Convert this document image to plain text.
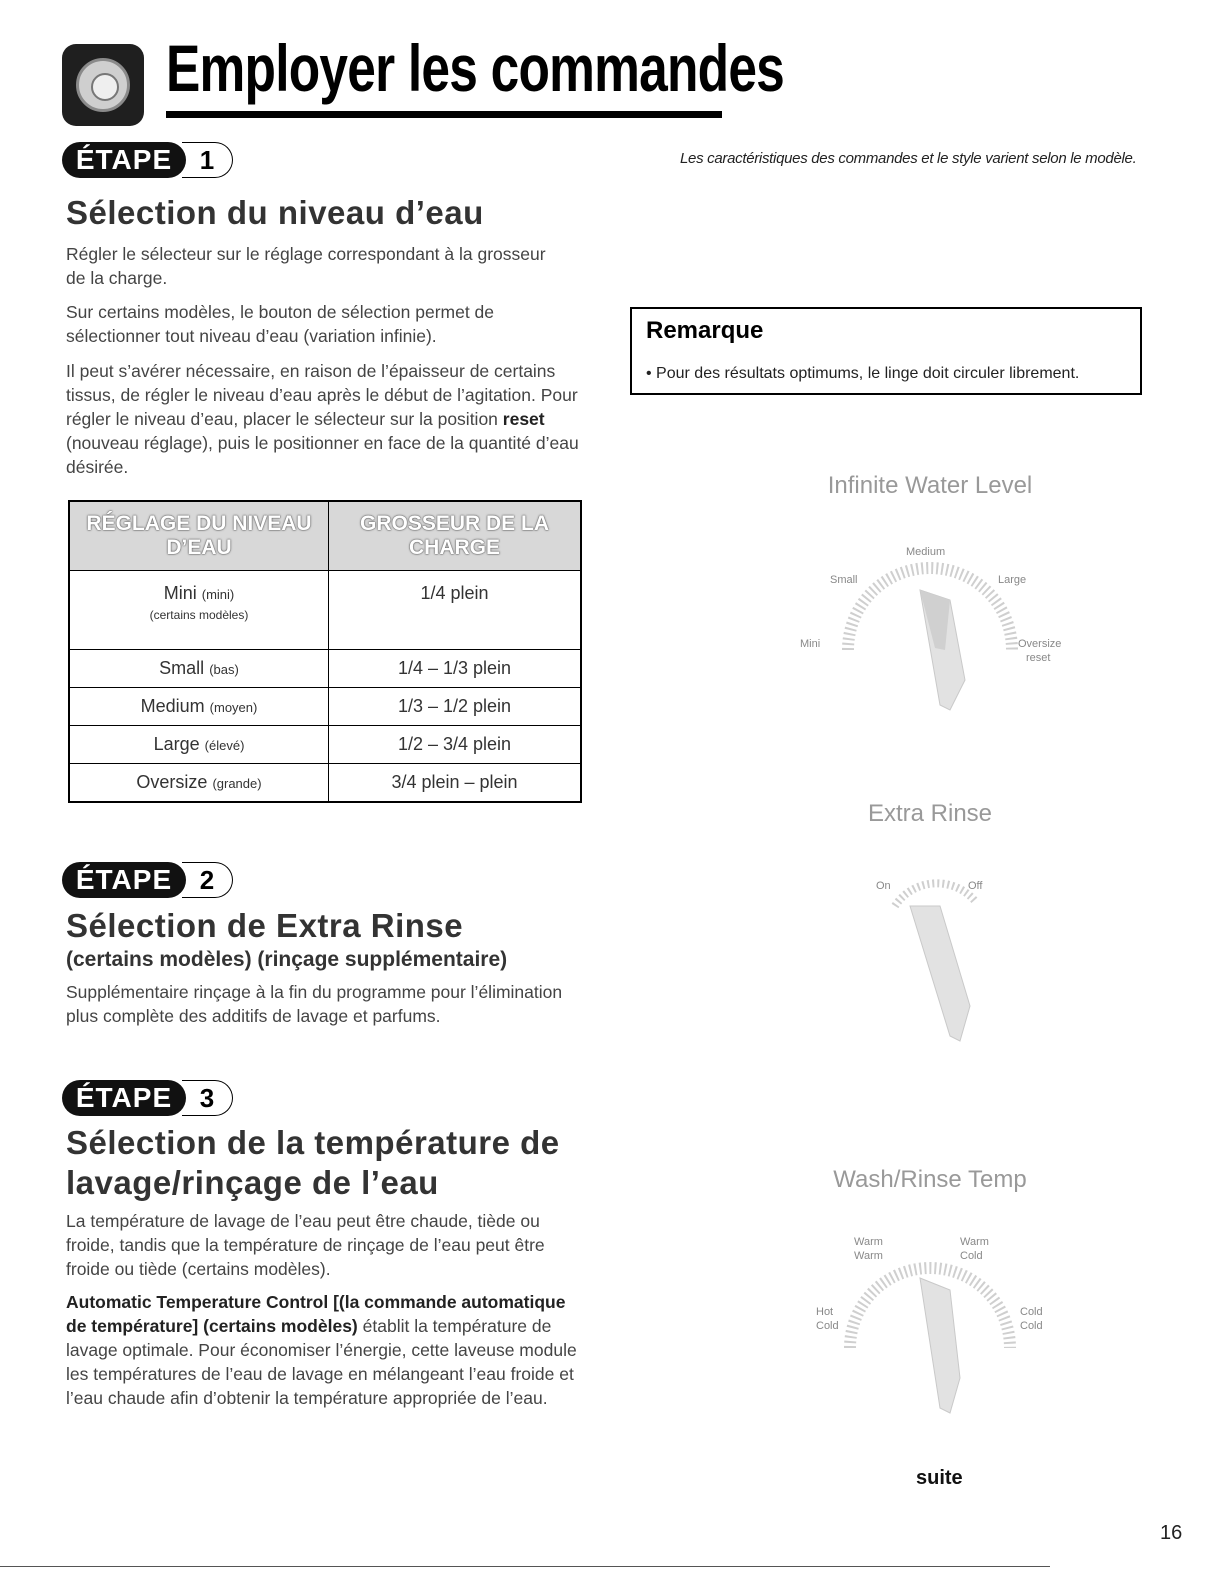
Employer les commandes

Les caractéristiques des commandes et le style varient selon le modèle.

ÉTAPE	1
Sélection du niveau d’eau

Régler le sélecteur sur le réglage correspondant à la grosseur de la charge.

Sur certains modèles, le bouton de sélection permet de sélectionner tout niveau d’eau (variation infinie).

Il peut s’avérer nécessaire, en raison de l’épaisseur de certains tissus, de régler le niveau d’eau après le début de l’agitation. Pour régler le niveau d’eau, placer le sélecteur sur la position reset (nouveau réglage), puis le positionner en face de la quantité d’eau désirée.

RÉGLAGE DU NIVEAU D’EAU	GROSSEUR DE LA CHARGE
Mini (mini)
(certains modèles)	1/4 plein
Small (bas)	1/4 – 1/3 plein
Medium (moyen)	1/3 – 1/2 plein
Large (élevé)	1/2 – 3/4 plein
Oversize (grande)	3/4 plein – plein
ÉTAPE	2
Sélection de Extra Rinse

(certains modèles) (rinçage supplémentaire)

Supplémentaire rinçage à la fin du programme pour l’élimination plus complète des additifs de lavage et parfums.

ÉTAPE	3
Sélection de la température de
lavage/rinçage de l’eau

La température de lavage de l’eau peut être chaude, tiède ou froide, tandis que la température de rinçage de l’eau peut être froide ou tiède (certains modèles).

Automatic Temperature Control [(la commande automatique de température] (certains modèles) établit la température de lavage optimale. Pour économiser l’énergie, cette laveuse module les températures de l’eau de lavage en mélangeant l’eau froide et l’eau chaude afin d’obtenir la température appropriée de l’eau.

Remarque

• Pour des résultats optimums, le linge doit circuler librement.

Infinite Water Level

Medium
Small	Large
Mini	Oversize
reset

Extra Rinse

On	Off

Wash/Rinse Temp

Warm
Warm
Warm
Cold
Hot
Cold
Cold
Cold

suite

16
